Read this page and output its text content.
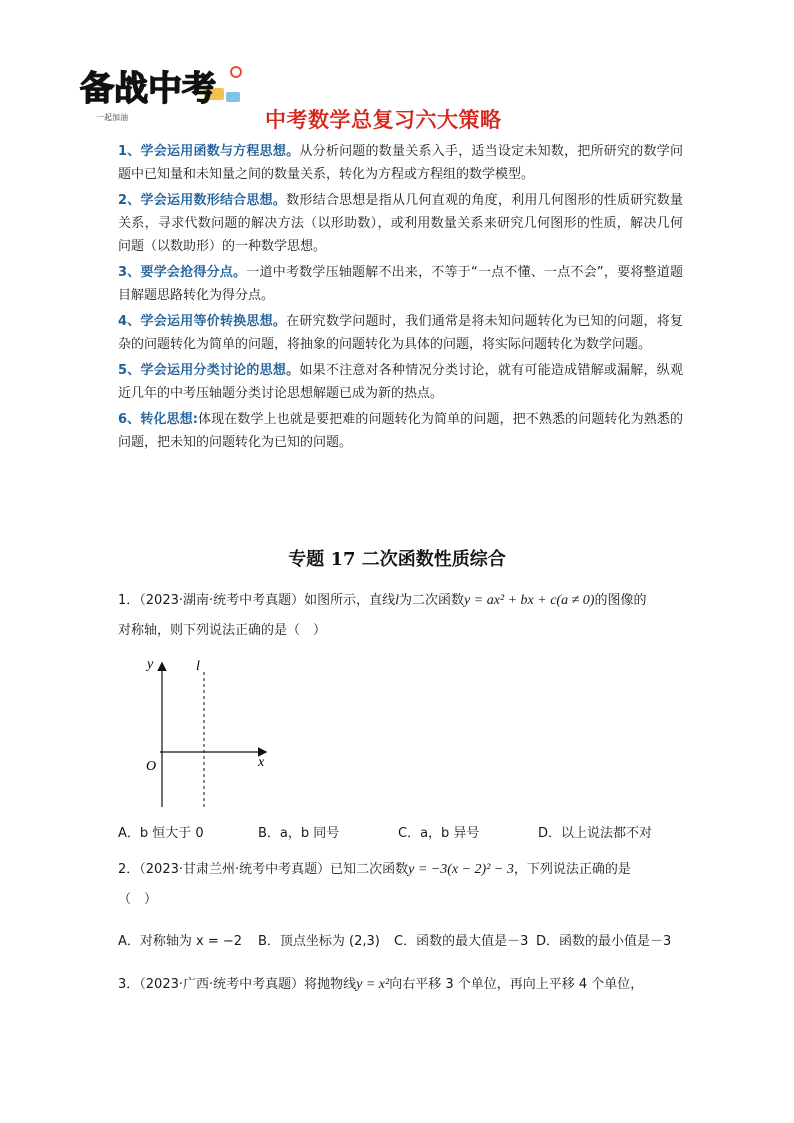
备战中考
一起加油	中考数学总复习六大策略

1、学会运用函数与方程思想。从分析问题的数量关系入手，适当设定未知数，把所研究的数学问题中已知量和未知量之间的数量关系，转化为方程或方程组的数学模型。

2、学会运用数形结合思想。数形结合思想是指从几何直观的角度，利用几何图形的性质研究数量关系，寻求代数问题的解决方法（以形助数），或利用数量关系来研究几何图形的性质，解决几何问题（以数助形）的一种数学思想。

3、要学会抢得分点。一道中考数学压轴题解不出来，不等于“一点不懂、一点不会”，要将整道题目解题思路转化为得分点。

4、学会运用等价转换思想。在研究数学问题时，我们通常是将未知问题转化为已知的问题，将复杂的问题转化为简单的问题，将抽象的问题转化为具体的问题，将实际问题转化为数学问题。

5、学会运用分类讨论的思想。如果不注意对各种情况分类讨论，就有可能造成错解或漏解，纵观近几年的中考压轴题分类讨论思想解题已成为新的热点。

6、转化思想:体现在数学上也就是要把难的问题转化为简单的问题，把不熟悉的问题转化为熟悉的问题，把未知的问题转化为已知的问题。

专题 17 二次函数性质综合
1．（2023·湖南·统考中考真题）如图所示，直线l为二次函数y = ax² + bx + c(a ≠ 0)的图像的
对称轴，则下列说法正确的是（　）
y
x
O
l
A．b 恒大于 0	B．a，b 同号	C．a，b 异号	D．以上说法都不对
2．（2023·甘肃兰州·统考中考真题）已知二次函数y = −3(x − 2)² − 3，下列说法正确的是
（　）
A．对称轴为 x = −2 B．顶点坐标为 (2,3) C．函数的最大值是－3 D．函数的最小值是－3
3．（2023·广西·统考中考真题）将抛物线y = x²向右平移 3 个单位，再向上平移 4 个单位，
